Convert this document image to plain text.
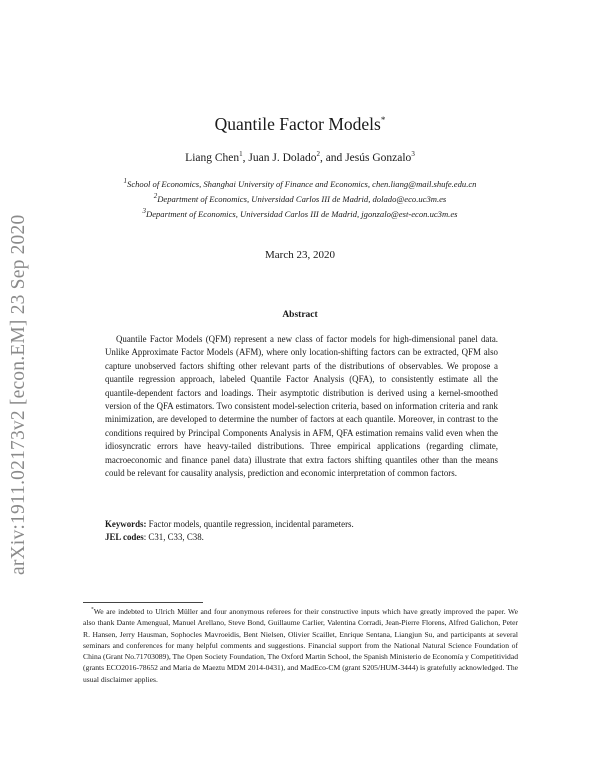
arXiv:1911.02173v2 [econ.EM] 23 Sep 2020
Quantile Factor Models*
Liang Chen$^1$, Juan J. Dolado$^2$, and Jesús Gonzalo$^3$
$^1$School of Economics, Shanghai University of Finance and Economics, chen.liang@mail.shufe.edu.cn
$^2$Department of Economics, Universidad Carlos III de Madrid, dolado@eco.uc3m.es
$^3$Department of Economics, Universidad Carlos III de Madrid, jgonzalo@est-econ.uc3m.es
March 23, 2020
Abstract

Quantile Factor Models (QFM) represent a new class of factor models for high-dimensional panel data. Unlike Approximate Factor Models (AFM), where only location-shifting factors can be extracted, QFM also capture unobserved factors shifting other relevant parts of the distributions of observables. We propose a quantile regression approach, labeled Quantile Factor Analysis (QFA), to consistently estimate all the quantile-dependent factors and loadings. Their asymptotic distribution is derived using a kernel-smoothed version of the QFA estimators. Two consistent model-selection criteria, based on information criteria and rank minimization, are developed to determine the number of factors at each quantile. Moreover, in contrast to the conditions required by Principal Components Analysis in AFM, QFA estimation remains valid even when the idiosyncratic errors have heavy-tailed distributions. Three empirical applications (regarding climate, macroeconomic and finance panel data) illustrate that extra factors shifting quantiles other than the means could be relevant for causality analysis, prediction and economic interpretation of common factors.

Keywords: Factor models, quantile regression, incidental parameters.
JEL codes: C31, C33, C38.

*We are indebted to Ulrich Müller and four anonymous referees for their constructive inputs which have greatly improved the paper. We also thank Dante Amengual, Manuel Arellano, Steve Bond, Guillaume Carlier, Valentina Corradi, Jean-Pierre Florens, Alfred Galichon, Peter R. Hansen, Jerry Hausman, Sophocles Mavroeidis, Bent Nielsen, Olivier Scaillet, Enrique Sentana, Liangjun Su, and participants at several seminars and conferences for many helpful comments and suggestions. Financial support from the National Natural Science Foundation of China (Grant No.71703089), The Open Society Foundation, The Oxford Martin School, the Spanish Ministerio de Economía y Competitividad (grants ECO2016-78652 and Maria de Maeztu MDM 2014-0431), and MadEco-CM (grant S205/HUM-3444) is gratefully acknowledged. The usual disclaimer applies.
